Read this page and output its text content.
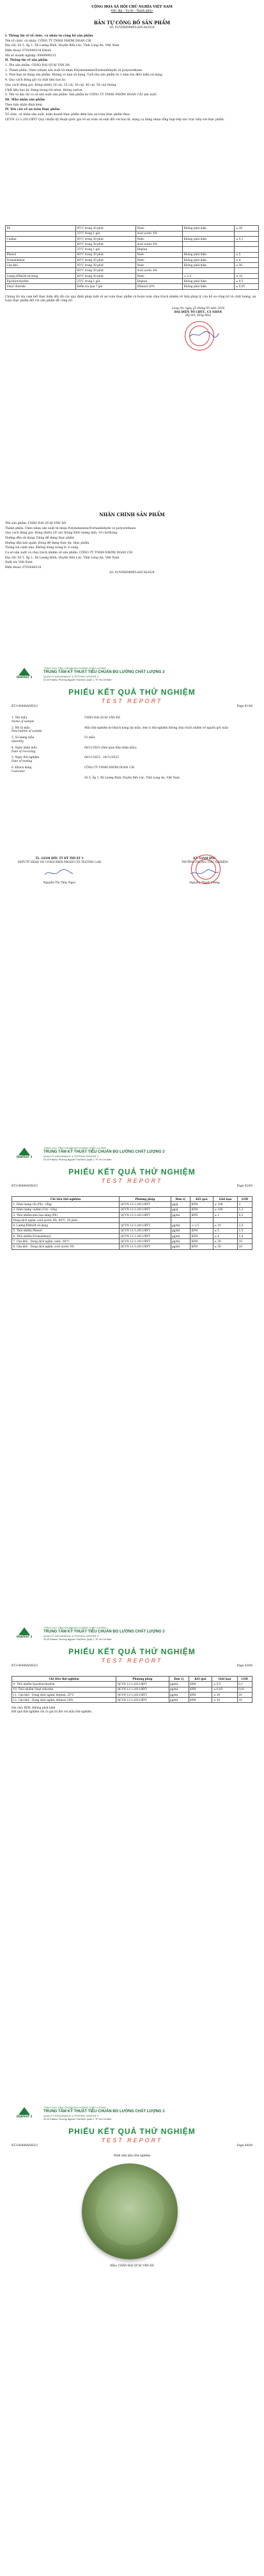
CỘNG HOÀ XÃ HỘI CHỦ NGHĨA VIỆT NAM
Độc lập - Tự do - Hạnh phúc
BẢN TỰ CÔNG BỐ SẢN PHẨM
Số: 01/VIDHMMP/LAOCAI/2024
I. Thông tin về tổ chức, cá nhân tự công bố sản phẩm
Tên tổ chức, cá nhân: CÔNG TY TNHH NHỜM DOAN CẢI
Địa chỉ: Số 5, Ấp 1, Xã Lương Bình, Huyện Bến Lức, Tỉnh Long An, Việt Nam
Điện thoại: 0702640318 Email:
Mã số doanh nghiệp: 0909999315
II. Thông tin về sản phẩm
1. Tên sản phẩm: CHÂO ĐẠI QUẠI VĂN ĐÁ
2. Thành phần: Chén (nhựa) sản xuất từ nhựa Polymelamine/Formaldehyde và polyurethane.
3. Thời hạn sử dụng sản phẩm: Không có hạn sử dụng. Tuổi thọ sản phẩm từ 3 năm tùy điều kiện sử dụng.
4. Quy cách đóng gói và chất liệu bao bì:
Quy cách đóng gói: Đóng nhiều 20 cái, 25 cái, 30 cái, 40 cái, 50 cái/ thùng
Chất liệu bao bì: Đựng trong túi nilon, thùng carton
5. Tên và địa chỉ cơ sở sản xuất sản phẩm: Sản phẩm do CÔNG TY TNHH NHỜM DOAN CẢI sản xuất.
III. Mẫu nhãn sản phẩm
Theo bản nhãn đính kèm
IV. Yêu cầu về an toàn thực phẩm
Tổ chức, cá nhân sản xuất, kinh doanh thực phẩm đảm bảo an toàn thực phẩm theo:
QCVN 12-1:2011/BYT Quy chuẩn kỹ thuật quốc gia về an toàn vệ sinh đối với bao bì, dụng cụ bằng nhựa tổng hợp tiếp xúc trực tiếp với thực phẩm.
Pb	95°C trong 30 phút	Nước	Không phát hiện	≤ 30
	25°C trong 1 giờ	Acid acetic 4%		
Cadimi	95°C trong 30 phút	Nước	Không phát hiện	≤ 0,1
	60°C trong 30 phút	Acid acetic 4%		
	25°C trong 1 giờ	Heptan		
Phenol	60°C trong 30 phút	Nước	Không phát hiện	≤ 5
Formaldehyd	60°C trong 30 phút	Nước	Không phát hiện	≤ 4
Cặn khô	95°C trong 30 phút	Nước	Không phát hiện	≤ 30
	60°C trong 30 phút	Acid acetic 4%		
Lượng KMnO4 sử dụng	60°C trong 30 phút	Nước	< 2,5	≤ 10
Epichlorohydrin	25°C trong 1 giờ	Heptan	Không phát hiện	≤ 0,5
Vinyl chloride	Kiểm tra qua 7 giờ	Ethanol 20%	Không phát hiện	≤ 0,05
Chúng tôi xin cam kết thực hiện đầy đủ các quy định pháp luật về an toàn thực phẩm và hoàn toàn chịu trách nhiệm về tính pháp lý của hồ sơ công bố và chất lượng, an toàn thực phẩm đối với sản phẩm đã công bố.
Long An, ngày 25 tháng 05 năm 2024
ĐẠI DIỆN TỔ CHỨC, CÁ NHÂN
(Ký tên, đóng dấu)
NHÃN CHÍNH SẢN PHẨM
Tên sản phẩm: CHÂO ĐẠI QUẠI VĂN ĐÁ
Thành phần: Chén nhựa sản xuất từ nhựa Polymelamine/Formaldehyde và polyurethane
Quy cách đóng gói: Đóng nhiều 20 cái/ thùng Khối lượng tịnh: 10 cái/thùng
Hướng dẫn sử dụng: Dùng để đựng thực phẩm
Hướng dẫn bảo quản: Đóng để đựng thức ăn, thực phẩm
Thông tin cảnh báo: Không dùng trong lò vi sóng
Cơ sở sản xuất và chịu trách nhiệm về sản phẩm: CÔNG TY TNHH NHỜM DOAN CẢI
Địa chỉ: Số 5, Ấp 1, Xã Lương Bình, Huyện Bến Lức, Tỉnh Long An, Việt Nam
Xuất xứ: Việt Nam
Điện thoại: 0702640318
Số: 01/VIDHMMP/LAOCAI/2024
QUATEST 3
TỔNG CỤC TIÊU CHUẨN ĐO LƯỜNG CHẤT LƯỢNG
TRUNG TÂM KỸ THUẬT TIÊU CHUẨN ĐO LƯỜNG CHẤT LƯỢNG 3
QUALITY ASSURANCE & TESTING CENTER 3
Số 49 Pasteur, Phường Nguyễn Thái Bình, Quận 1, TP. Hồ Chí Minh
PHIẾU KẾT QUẢ THỬ NGHIỆM
TEST REPORT
KT3-06494ANH3/1	Page 01/04
1. Tên mẫu
Name of sample
CHÂO ĐẠI QUẠI VĂN ĐÁ
2. Mô tả mẫu
Description of sample
Mẫu thử nghiệm do khách hàng lấy mẫu, đơn vị thử nghiệm không chịu trách nhiệm về nguồn gốc mẫu
3. Số lượng mẫu
Quantity
01 mẫu
4. Ngày nhận mẫu
Date of receiving
06/11/2023 (thời gian tiếp nhận mẫu)
5. Ngày thử nghiệm
Date of testing
06/11/2023 - 16/11/2023
6. Khách hàng
Customer
CÔNG TY TNHH NHỜM DOAN CẢI
Số 5, Ấp 1, Xã Lương Bình, Huyện Bến Lức, Tỉnh Long An, Việt Nam
TL. GIÁM ĐỐC TT KỸ THUẬT 3
DEPUTY HEAD OF CONSUMER PRODUCTS TESTING LAB
Nguyễn Thị Thủy Ngọc
KT. GIÁM ĐỐC
TRƯỞNG PHÒNG THỬ NGHIỆM
Nguyễn Thanh Vương
QUATEST 3
TỔNG CỤC TIÊU CHUẨN ĐO LƯỜNG CHẤT LƯỢNG
TRUNG TÂM KỸ THUẬT TIÊU CHUẨN ĐO LƯỜNG CHẤT LƯỢNG 3
QUALITY ASSURANCE & TESTING CENTER 3
Số 49 Pasteur, Phường Nguyễn Thái Bình, Quận 1, TP. Hồ Chí Minh
PHIẾU KẾT QUẢ THỬ NGHIỆM
TEST REPORT
KT3-06494ANH3/1	Page 02/04
Chỉ tiêu thử nghiệm	Phương pháp	Đơn vị	Kết quả	Giới hạn	LOD
1. Hàm lượng chì (Pb) - tổng	QCVN 12-1:2011/BYT	µg/g	KPH	≤ 100	2
2. Hàm lượng cadimi (Cd) - tổng	QCVN 12-1:2011/BYT	µg/g	KPH	≤ 100	1,2
3. Thôi nhiễm kim loại nặng (Pb)	QCVN 12-1:2011/BYT	µg/ml	KPH	≤ 1	0,2
Dung dịch ngâm: acid acetic 4%, 60°C, 30 phút					
4. Lượng KMnO4 sử dụng	QCVN 12-1:2011/BYT	µg/ml	< 2,5	≤ 10	2,5
5. Thôi nhiễm Phenol	QCVN 12-1:2011/BYT	µg/ml	KPH	≤ 5	1,5
6. Thôi nhiễm Formaldehyd	QCVN 12-1:2011/BYT	µg/ml	KPH	≤ 4	1,0
7. Cặn khô - Dung dịch ngâm: nước, 60°C	QCVN 12-1:2011/BYT	µg/ml	KPH	≤ 30	10
8. Cặn khô - Dung dịch ngâm: acid acetic 4%	QCVN 12-1:2011/BYT	µg/ml	KPH	≤ 30	10
QUATEST 3
TỔNG CỤC TIÊU CHUẨN ĐO LƯỜNG CHẤT LƯỢNG
TRUNG TÂM KỸ THUẬT TIÊU CHUẨN ĐO LƯỜNG CHẤT LƯỢNG 3
QUALITY ASSURANCE & TESTING CENTER 3
Số 49 Pasteur, Phường Nguyễn Thái Bình, Quận 1, TP. Hồ Chí Minh
PHIẾU KẾT QUẢ THỬ NGHIỆM
TEST REPORT
KT3-06494ANH3/1	Page 03/04
Chỉ tiêu thử nghiệm	Phương pháp	Đơn vị	Kết quả	Giới hạn	LOD
9. Thôi nhiễm Epichlorohydrin	QCVN 12-1:2011/BYT	µg/ml	KPH	≤ 0,5	0,1
10. Thôi nhiễm Vinyl chloride	QCVN 12-1:2011/BYT	µg/ml	KPH	≤ 0,05	0,01
11. Cặn khô - Dung dịch ngâm: heptan, 25°C	QCVN 12-1:2011/BYT	µg/ml	KPH	≤ 30	10
12. Cặn khô - Dung dịch ngâm: ethanol 20%	QCVN 12-1:2011/BYT	µg/ml	KPH	≤ 30	10
Ghi chú: KPH: Không phát hiện
Kết quả thử nghiệm chỉ có giá trị đối với mẫu thử nghiệm
QUATEST 3
TỔNG CỤC TIÊU CHUẨN ĐO LƯỜNG CHẤT LƯỢNG
TRUNG TÂM KỸ THUẬT TIÊU CHUẨN ĐO LƯỜNG CHẤT LƯỢNG 3
QUALITY ASSURANCE & TESTING CENTER 3
Số 49 Pasteur, Phường Nguyễn Thái Bình, Quận 1, TP. Hồ Chí Minh
PHIẾU KẾT QUẢ THỬ NGHIỆM
TEST REPORT
KT3-06494ANH3/1	Page 04/04
Hình ảnh mẫu thử nghiệm
Mẫu: CHÂO ĐẠI QUẠI VĂN ĐÁ
